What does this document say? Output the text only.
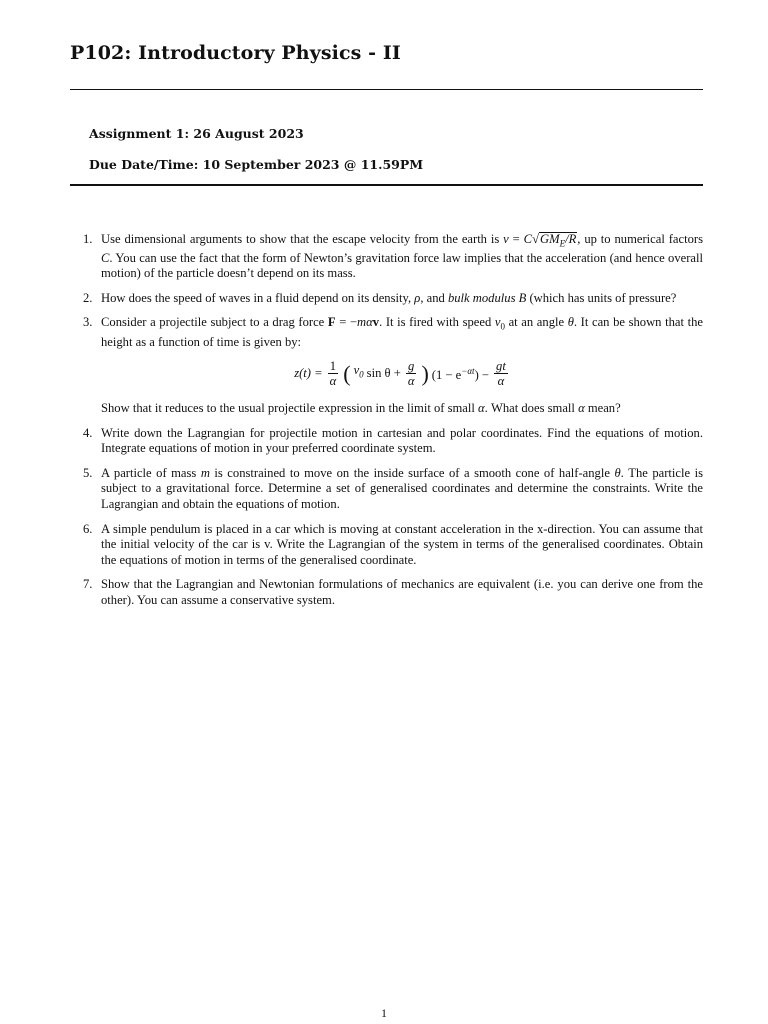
P102: Introductory Physics - II
Assignment 1: 26 August 2023
Due Date/Time: 10 September 2023 @ 11.59PM
1. Use dimensional arguments to show that the escape velocity from the earth is $v = C√GM_E/R$, up to numerical factors C. You can use the fact that the form of Newton’s gravitation force law implies that the acceleration (and hence overall motion) of the particle doesn’t depend on its mass.
2. How does the speed of waves in a fluid depend on its density, ρ, and bulk modulus B (which has units of pressure?
3. Consider a projectile subject to a drag force F = −mαv. It is fired with speed $v_0$ at an angle θ. It can be shown that the height as a function of time is given by:
$z(t) = \frac{1}{\alpha}$ ( $v_0$ $\sin \theta + \frac{g}{\alpha}$ ) $(1 - e^{-\alpha t}) - \frac{gt}{\alpha}$
Show that it reduces to the usual projectile expression in the limit of small α. What does small α mean?
4. Write down the Lagrangian for projectile motion in cartesian and polar coordinates. Find the equations of motion. Integrate equations of motion in your preferred coordinate system.
5. A particle of mass m is constrained to move on the inside surface of a smooth cone of half-angle θ. The particle is subject to a gravitational force. Determine a set of generalised coordinates and determine the constraints. Write the Lagrangian and obtain the equations of motion.
6. A simple pendulum is placed in a car which is moving at constant acceleration in the x-direction. You can assume that the initial velocity of the car is v. Write the Lagrangian of the system in terms of the generalised coordinates. Obtain the equations of motion in terms of the generalised coordinate.
7. Show that the Lagrangian and Newtonian formulations of mechanics are equivalent (i.e. you can derive one from the other). You can assume a conservative system.
1
